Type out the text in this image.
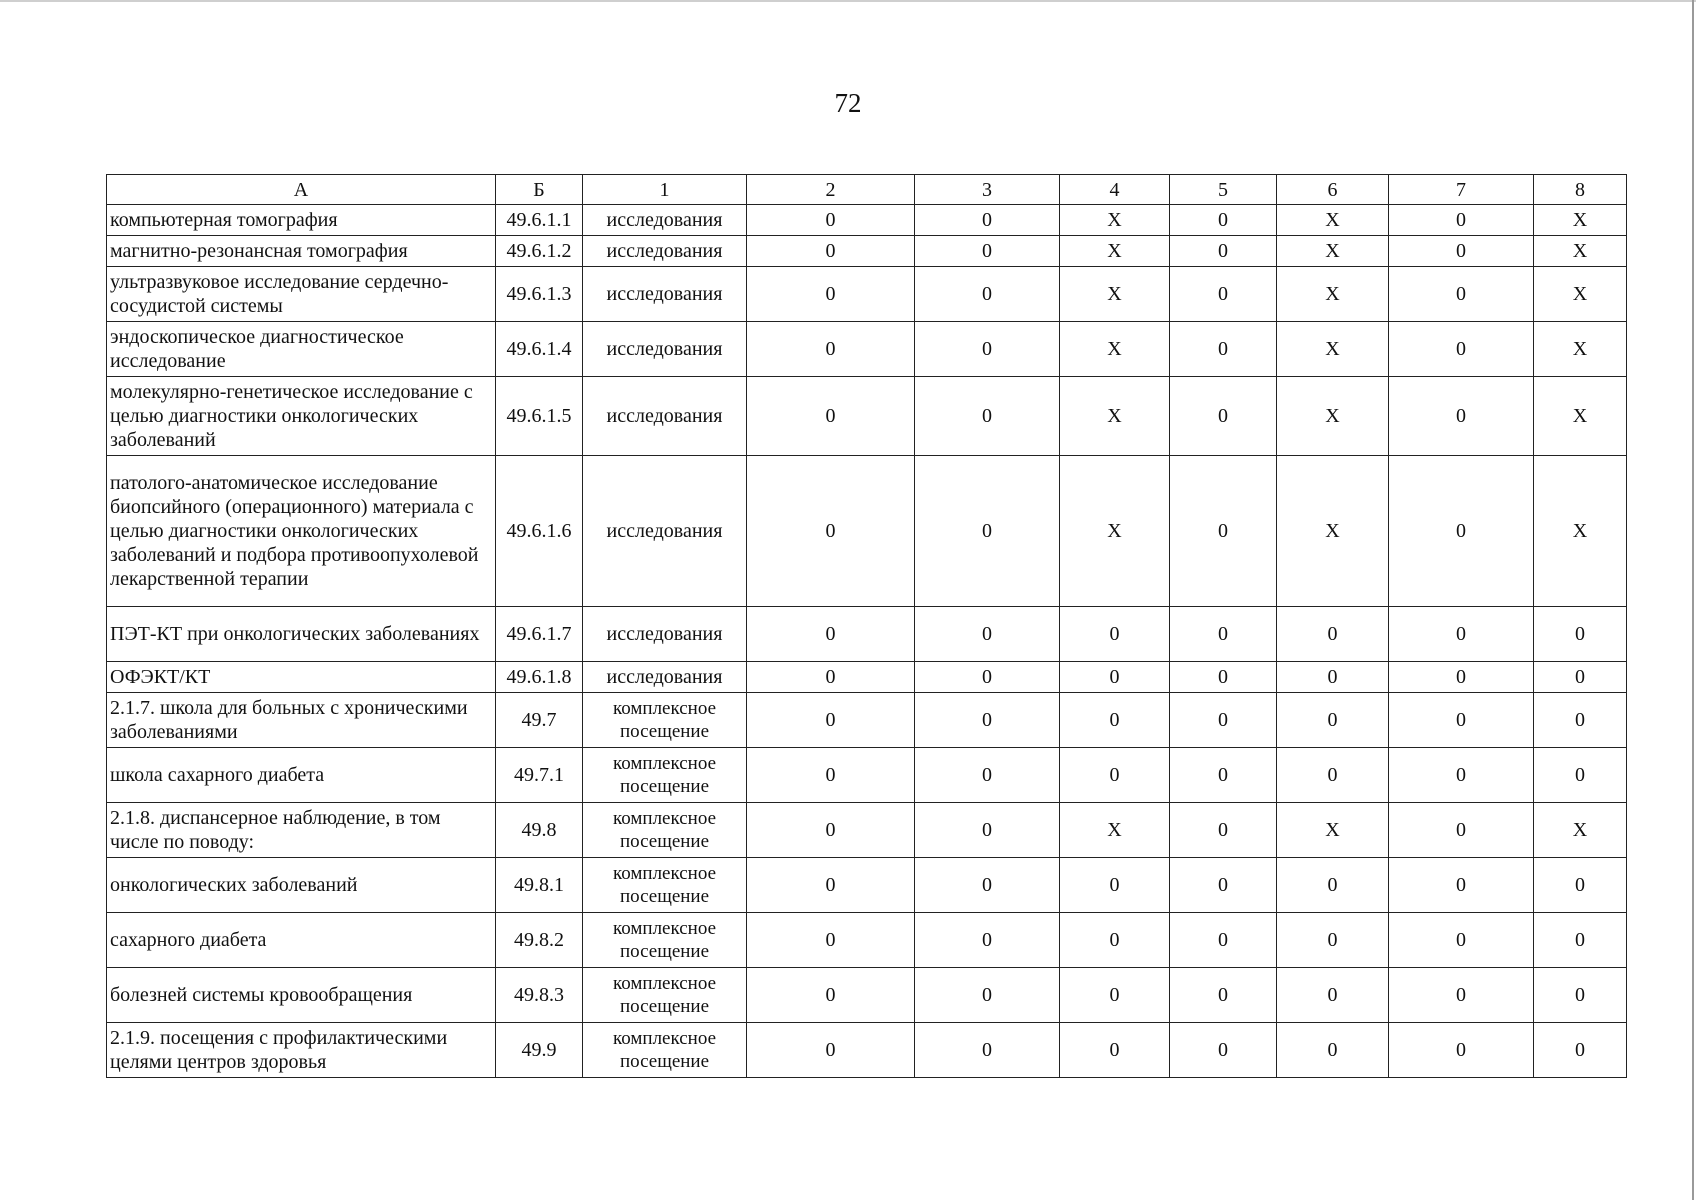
72
А	Б	1	2	3	4	5	6	7	8
компьютерная томография	49.6.1.1	исследования	0	0	X	0	X	0	X
магнитно-резонансная томография	49.6.1.2	исследования	0	0	X	0	X	0	X
ультразвуковое исследование сердечно-сосудистой системы	49.6.1.3	исследования	0	0	X	0	X	0	X
эндоскопическое диагностическое исследование	49.6.1.4	исследования	0	0	X	0	X	0	X
молекулярно-генетическое исследование с целью диагностики онкологических заболеваний	49.6.1.5	исследования	0	0	X	0	X	0	X
патолого-анатомическое исследование биопсийного (операционного) материала с целью диагностики онкологических заболеваний и подбора противоопухолевой лекарственной терапии	49.6.1.6	исследования	0	0	X	0	X	0	X
ПЭТ-КТ при онкологических заболеваниях	49.6.1.7	исследования	0	0	0	0	0	0	0
ОФЭКТ/КТ	49.6.1.8	исследования	0	0	0	0	0	0	0
2.1.7. школа для больных с хроническими заболеваниями	49.7	комплексное посещение	0	0	0	0	0	0	0
школа сахарного диабета	49.7.1	комплексное посещение	0	0	0	0	0	0	0
2.1.8. диспансерное наблюдение, в том числе по поводу:	49.8	комплексное посещение	0	0	X	0	X	0	X
онкологических заболеваний	49.8.1	комплексное посещение	0	0	0	0	0	0	0
сахарного диабета	49.8.2	комплексное посещение	0	0	0	0	0	0	0
болезней системы кровообращения	49.8.3	комплексное посещение	0	0	0	0	0	0	0
2.1.9. посещения с профилактическими целями центров здоровья	49.9	комплексное посещение	0	0	0	0	0	0	0
